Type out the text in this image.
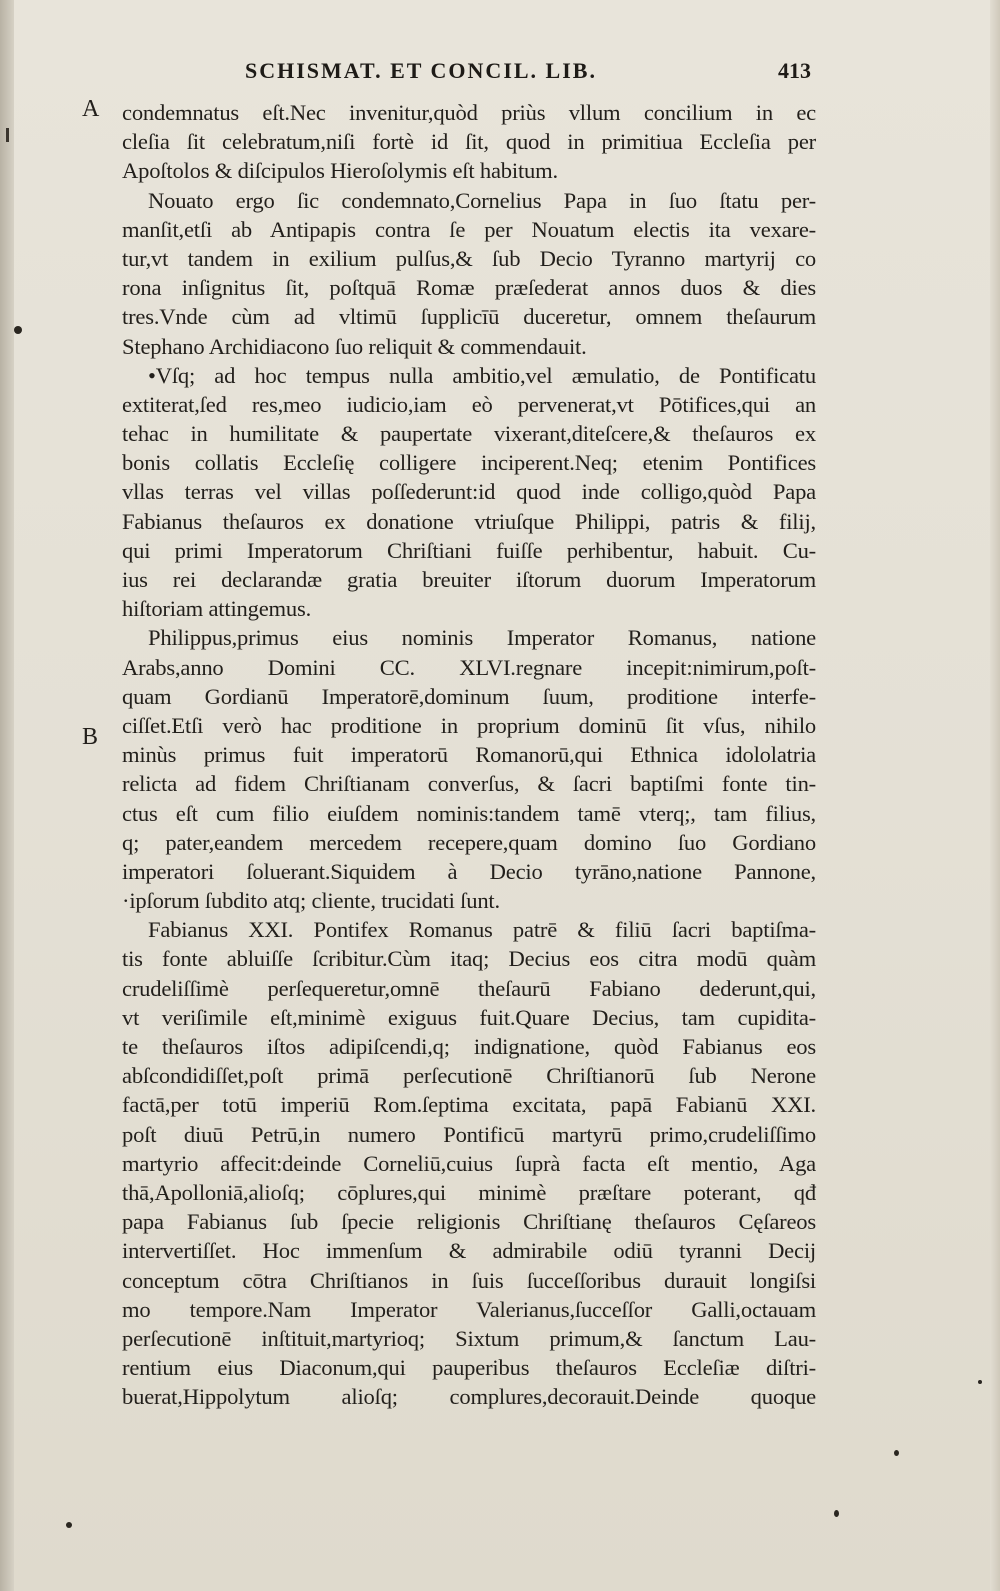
SCHISMAT. ET CONCIL. LIB.	413
A
B
condemnatus eſt.Nec invenitur,quòd priùs vllum concilium in ec
cleſia ſit celebratum,niſi fortè id ſit, quod in primitiua Eccleſia per
Apoſtolos & diſcipulos Hieroſolymis eſt habitum.
Nouato ergo ſic condemnato,Cornelius Papa in ſuo ſtatu per-
manſit,etſi ab Antipapis contra ſe per Nouatum electis ita vexare-
tur,vt tandem in exilium pulſus,& ſub Decio Tyranno martyrij co
rona inſignitus ſit, poſtquā Romæ præſederat annos duos & dies
tres.Vnde cùm ad vltimū ſupplicīū duceretur, omnem theſaurum
Stephano Archidiacono ſuo reliquit & commendauit.
•Vſq; ad hoc tempus nulla ambitio,vel æmulatio, de Pontificatu
extiterat,ſed res,meo iudicio,iam eò pervenerat,vt Pōtifices,qui an
tehac in humilitate & paupertate vixerant,diteſcere,& theſauros ex
bonis collatis Eccleſię colligere inciperent.Neq; etenim Pontifices
vllas terras vel villas poſſederunt:id quod inde colligo,quòd Papa
Fabianus theſauros ex donatione vtriuſque Philippi, patris & filij,
qui primi Imperatorum Chriſtiani fuiſſe perhibentur, habuit. Cu-
ius rei declarandæ gratia breuiter iſtorum duorum Imperatorum
hiſtoriam attingemus.
Philippus,primus eius nominis Imperator Romanus, natione
Arabs,anno Domini CC. XLVI.regnare incepit:nimirum,poſt-
quam Gordianū Imperatorē,dominum ſuum, proditione interfe-
ciſſet.Etſi verò hac proditione in proprium dominū ſit vſus, nihilo
minùs primus fuit imperatorū Romanorū,qui Ethnica idololatria
relicta ad fidem Chriſtianam converſus, & ſacri baptiſmi fonte tin-
ctus eſt cum filio eiuſdem nominis:tandem tamē vterq;, tam filius,
q; pater,eandem mercedem recepere,quam domino ſuo Gordiano
imperatori ſoluerant.Siquidem à Decio tyrāno,natione Pannone,
·ipſorum ſubdito atq; cliente, trucidati ſunt.
Fabianus XXI. Pontifex Romanus patrē & filiū ſacri baptiſma-
tis fonte abluiſſe ſcribitur.Cùm itaq; Decius eos citra modū quàm
crudeliſſimè perſequeretur,omnē theſaurū Fabiano dederunt,qui,
vt veriſimile eſt,minimè exiguus fuit.Quare Decius, tam cupidita-
te theſauros iſtos adipiſcendi,q; indignatione, quòd Fabianus eos
abſcondidiſſet,poſt primā perſecutionē Chriſtianorū ſub Nerone
factā,per totū imperiū Rom.ſeptima excitata, papā Fabianū XXI.
poſt diuū Petrū,in numero Pontificū martyrū primo,crudeliſſimo
martyrio affecit:deinde Corneliū,cuius ſuprà facta eſt mentio, Aga
thā,Apolloniā,alioſq; cōplures,qui minimè præſtare poterant, qđ
papa Fabianus ſub ſpecie religionis Chriſtianę theſauros Cęſareos
intervertiſſet. Hoc immenſum & admirabile odiū tyranni Decij
conceptum cōtra Chriſtianos in ſuis ſucceſſoribus durauit longiſsi
mo tempore.Nam Imperator Valerianus,ſucceſſor Galli,octauam
perſecutionē inſtituit,martyrioq; Sixtum primum,& ſanctum Lau-
rentium eius Diaconum,qui pauperibus theſauros Eccleſiæ diſtri-
buerat,Hippolytum alioſq; complures,decorauit.Deinde quoque
